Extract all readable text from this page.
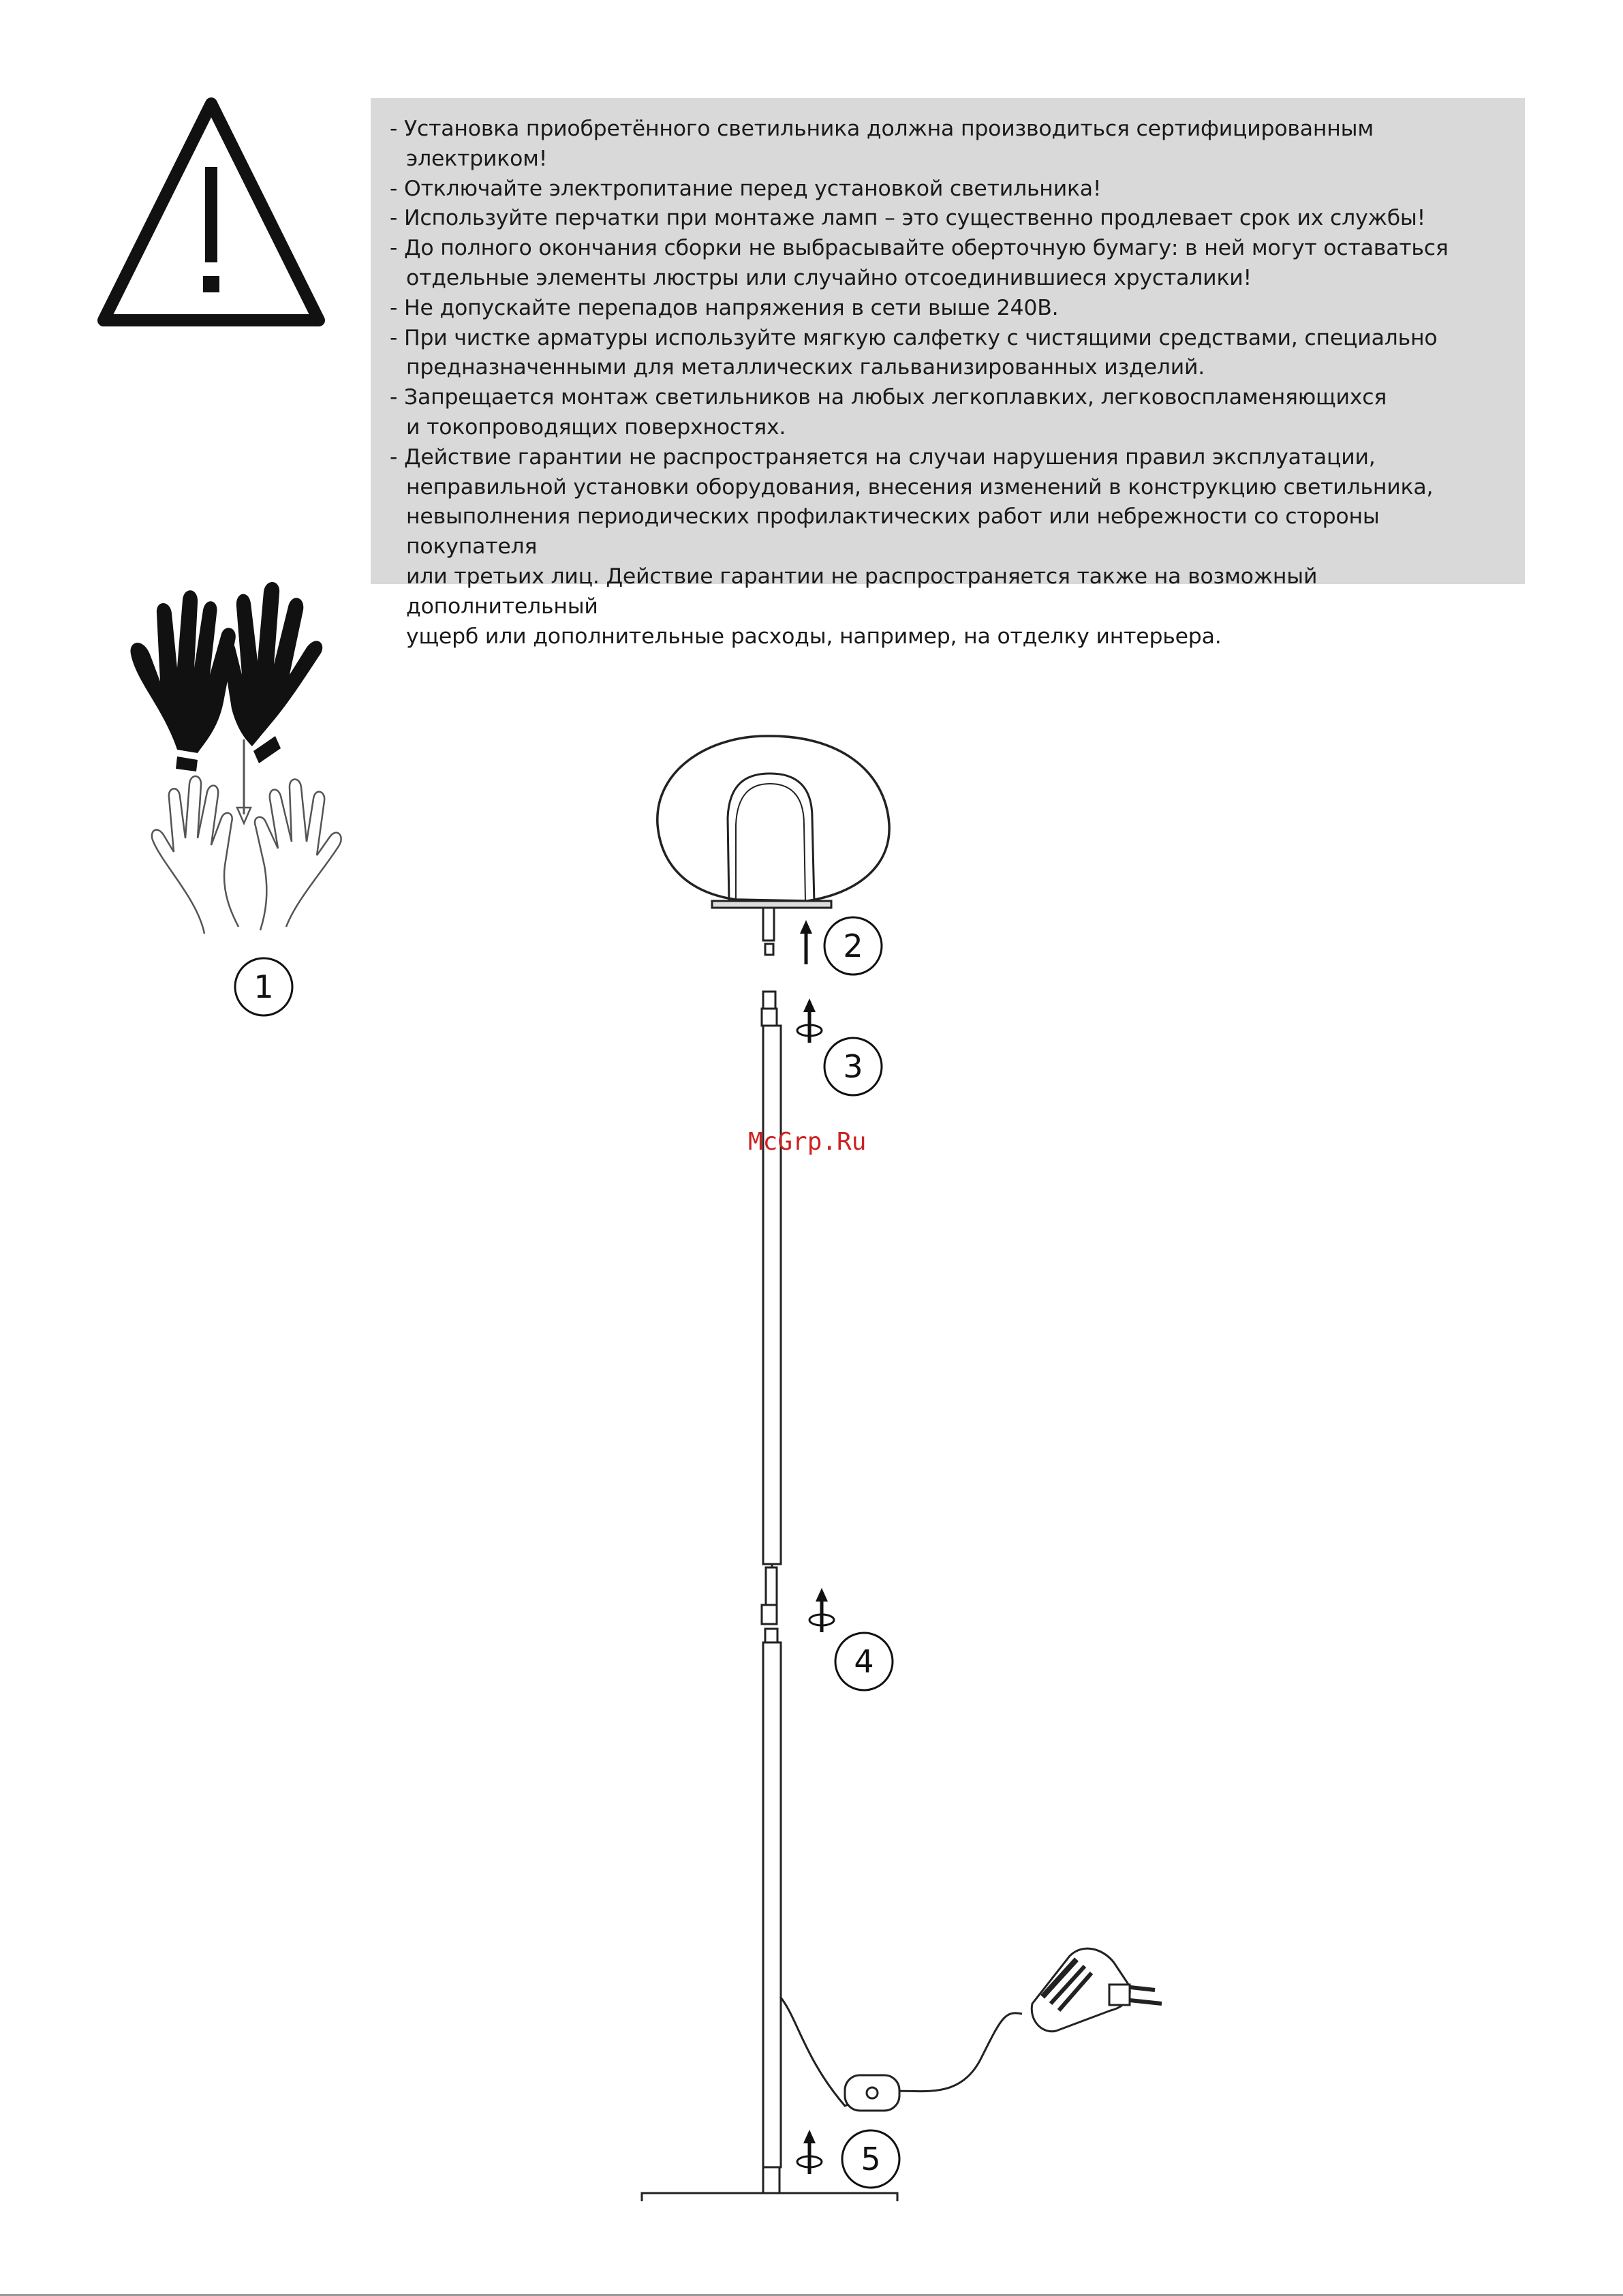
- Установка приобретённого светильника должна производиться сертифицированным электриком!
- Отключайте электропитание перед установкой светильника!
- Используйте перчатки при монтаже ламп – это существенно продлевает срок их службы!
- До полного окончания сборки не выбрасывайте оберточную бумагу: в ней могут оставаться
отдельные элементы люстры или случайно отсоединившиеся хрусталики!
- Не допускайте перепадов напряжения в сети выше 240В.
- При чистке арматуры используйте мягкую салфетку с чистящими средствами, специально
предназначенными для металлических гальванизированных изделий.
- Запрещается монтаж светильников на любых легкоплавких, легковоспламеняющихся
и токопроводящих поверхностях.
- Действие гарантии не распространяется на случаи нарушения правил эксплуатации,
неправильной установки оборудования, внесения изменений в конструкцию светильника,
невыполнения периодических профилактических работ или небрежности со стороны покупателя
или третьих лиц. Действие гарантии не распространяется также на возможный дополнительный
ущерб или дополнительные расходы, например, на отделку интерьера.
1
2
3
4
5
McGrp.Ru
